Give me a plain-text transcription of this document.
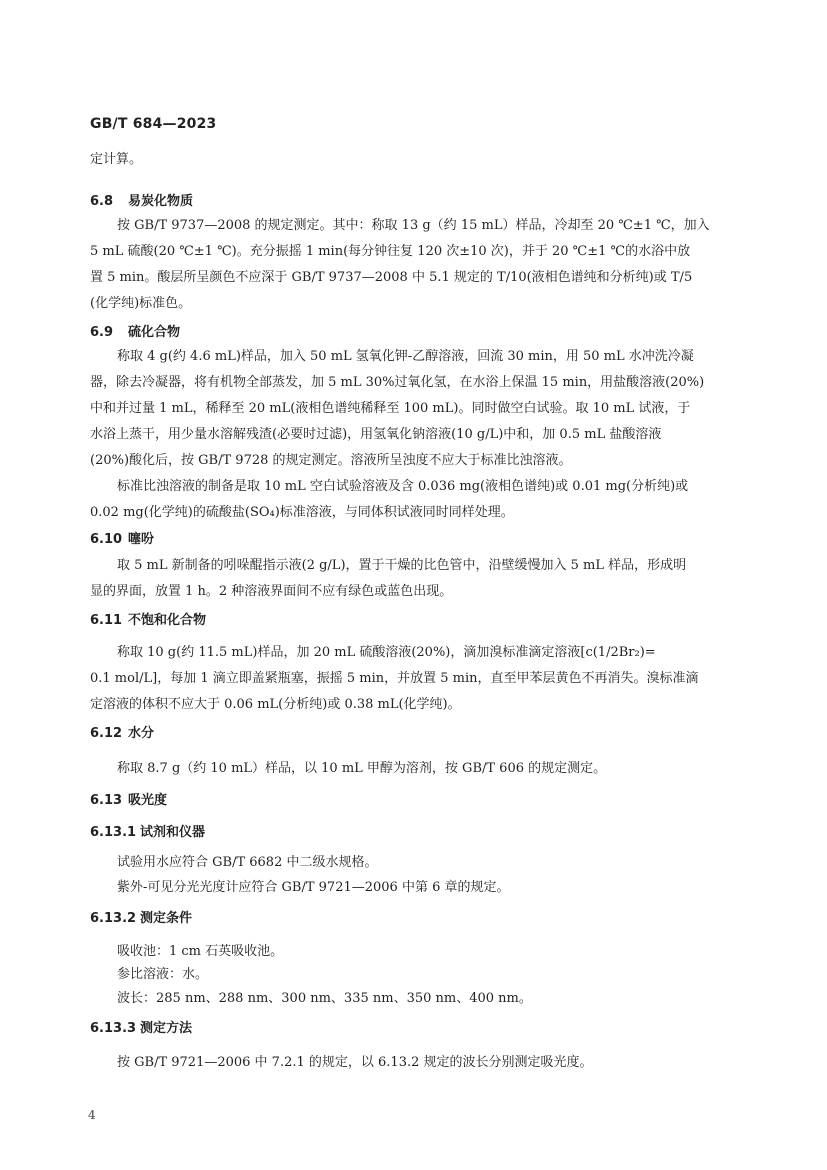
GB/T 684—2023
定计算。
6.8 易炭化物质
按 GB/T 9737—2008 的规定测定。其中：称取 13 g（约 15 mL）样品，冷却至 20 ℃±1 ℃，加入
5 mL 硫酸(20 ℃±1 ℃)。充分振摇 1 min(每分钟往复 120 次±10 次)，并于 20 ℃±1 ℃的水浴中放
置 5 min。酸层所呈颜色不应深于 GB/T 9737—2008 中 5.1 规定的 T/10(液相色谱纯和分析纯)或 T/5
(化学纯)标准色。
6.9 硫化合物
称取 4 g(约 4.6 mL)样品，加入 50 mL 氢氧化钾-乙醇溶液，回流 30 min，用 50 mL 水冲洗冷凝
器，除去冷凝器，将有机物全部蒸发，加 5 mL 30%过氧化氢，在水浴上保温 15 min，用盐酸溶液(20%)
中和并过量 1 mL，稀释至 20 mL(液相色谱纯稀释至 100 mL)。同时做空白试验。取 10 mL 试液，于
水浴上蒸干，用少量水溶解残渣(必要时过滤)，用氢氧化钠溶液(10 g/L)中和，加 0.5 mL 盐酸溶液
(20%)酸化后，按 GB/T 9728 的规定测定。溶液所呈浊度不应大于标准比浊溶液。
标准比浊溶液的制备是取 10 mL 空白试验溶液及含 0.036 mg(液相色谱纯)或 0.01 mg(分析纯)或
0.02 mg(化学纯)的硫酸盐(SO₄)标准溶液，与同体积试液同时同样处理。
6.10 噻吩
取 5 mL 新制备的吲哚醌指示液(2 g/L)，置于干燥的比色管中，沿壁缓慢加入 5 mL 样品，形成明
显的界面，放置 1 h。2 种溶液界面间不应有绿色或蓝色出现。
6.11 不饱和化合物
称取 10 g(约 11.5 mL)样品，加 20 mL 硫酸溶液(20%)，滴加溴标准滴定溶液[c(1/2Br₂)=
0.1 mol/L]，每加 1 滴立即盖紧瓶塞，振摇 5 min，并放置 5 min，直至甲苯层黄色不再消失。溴标准滴
定溶液的体积不应大于 0.06 mL(分析纯)或 0.38 mL(化学纯)。
6.12 水分
称取 8.7 g（约 10 mL）样品，以 10 mL 甲醇为溶剂，按 GB/T 606 的规定测定。
6.13 吸光度
6.13.1 试剂和仪器
试验用水应符合 GB/T 6682 中二级水规格。
紫外-可见分光光度计应符合 GB/T 9721—2006 中第 6 章的规定。
6.13.2 测定条件
吸收池：1 cm 石英吸收池。
参比溶液：水。
波长：285 nm、288 nm、300 nm、335 nm、350 nm、400 nm。
6.13.3 测定方法
按 GB/T 9721—2006 中 7.2.1 的规定，以 6.13.2 规定的波长分别测定吸光度。
4
